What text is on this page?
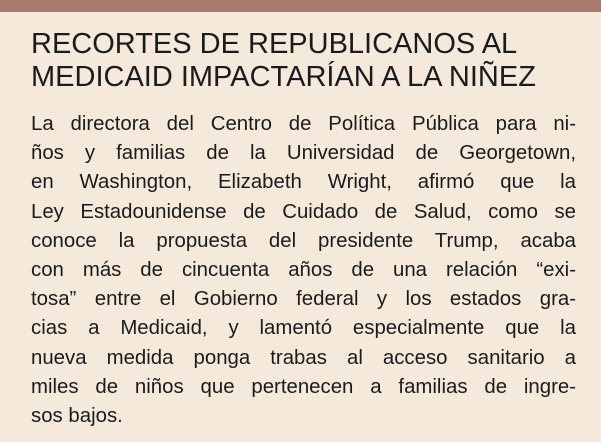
RECORTES DE REPUBLICANOS AL
MEDICAID IMPACTARÍAN A LA NIÑEZ
La directora del Centro de Política Pública para ni-
ños y familias de la Universidad de Georgetown,
en Washington, Elizabeth Wright, afirmó que la
Ley Estadounidense de Cuidado de Salud, como se
conoce la propuesta del presidente Trump, acaba
con más de cincuenta años de una relación “exi-
tosa” entre el Gobierno federal y los estados gra-
cias a Medicaid, y lamentó especialmente que la
nueva medida ponga trabas al acceso sanitario a
miles de niños que pertenecen a familias de ingre-
sos bajos.
